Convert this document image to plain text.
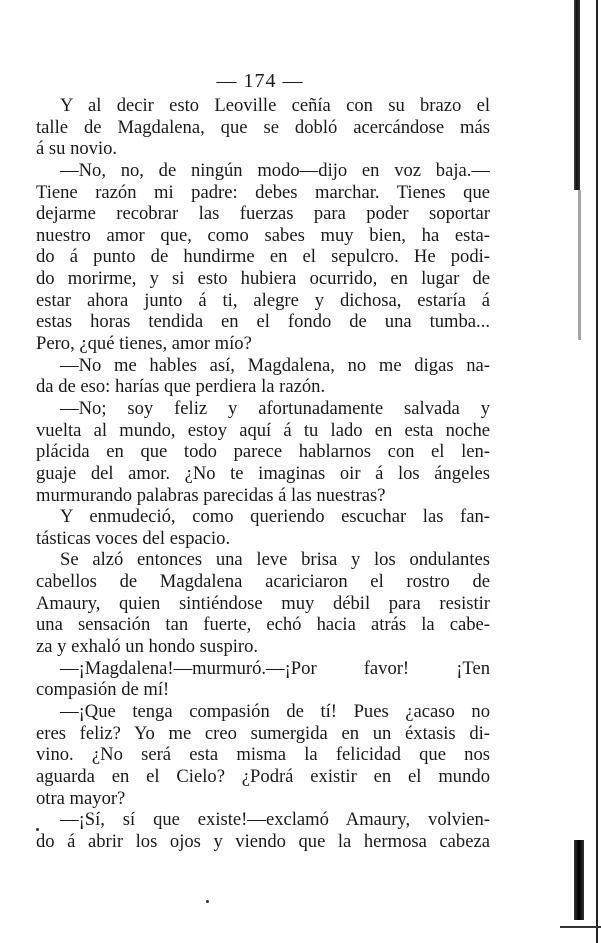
— 174 —
Y al decir esto Leoville ceñía con su brazo el
talle de Magdalena, que se dobló acercándose más
á su novio.
—No, no, de ningún modo—dijo en voz baja.—
Tiene razón mi padre: debes marchar. Tienes que
dejarme recobrar las fuerzas para poder soportar
nuestro amor que, como sabes muy bien, ha esta-
do á punto de hundirme en el sepulcro. He podi-
do morirme, y si esto hubiera ocurrido, en lugar de
estar ahora junto á ti, alegre y dichosa, estaría á
estas horas tendida en el fondo de una tumba...
Pero, ¿qué tienes, amor mío?
—No me hables así, Magdalena, no me digas na-
da de eso: harías que perdiera la razón.
—No; soy feliz y afortunadamente salvada y
vuelta al mundo, estoy aquí á tu lado en esta noche
plácida en que todo parece hablarnos con el len-
guaje del amor. ¿No te imaginas oir á los ángeles
murmurando palabras parecidas á las nuestras?
Y enmudeció, como queriendo escuchar las fan-
tásticas voces del espacio.
Se alzó entonces una leve brisa y los ondulantes
cabellos de Magdalena acariciaron el rostro de
Amaury, quien sintiéndose muy débil para resistir
una sensación tan fuerte, echó hacia atrás la cabe-
za y exhaló un hondo suspiro.
—¡Magdalena!—murmuró.—¡Por favor! ¡Ten
compasión de mí!
—¡Que tenga compasión de tí! Pues ¿acaso no
eres feliz? Yo me creo sumergida en un éxtasis di-
vino. ¿No será esta misma la felicidad que nos
aguarda en el Cielo? ¿Podrá existir en el mundo
otra mayor?
—¡Sí, sí que existe!—exclamó Amaury, volvien-
do á abrir los ojos y viendo que la hermosa cabeza
